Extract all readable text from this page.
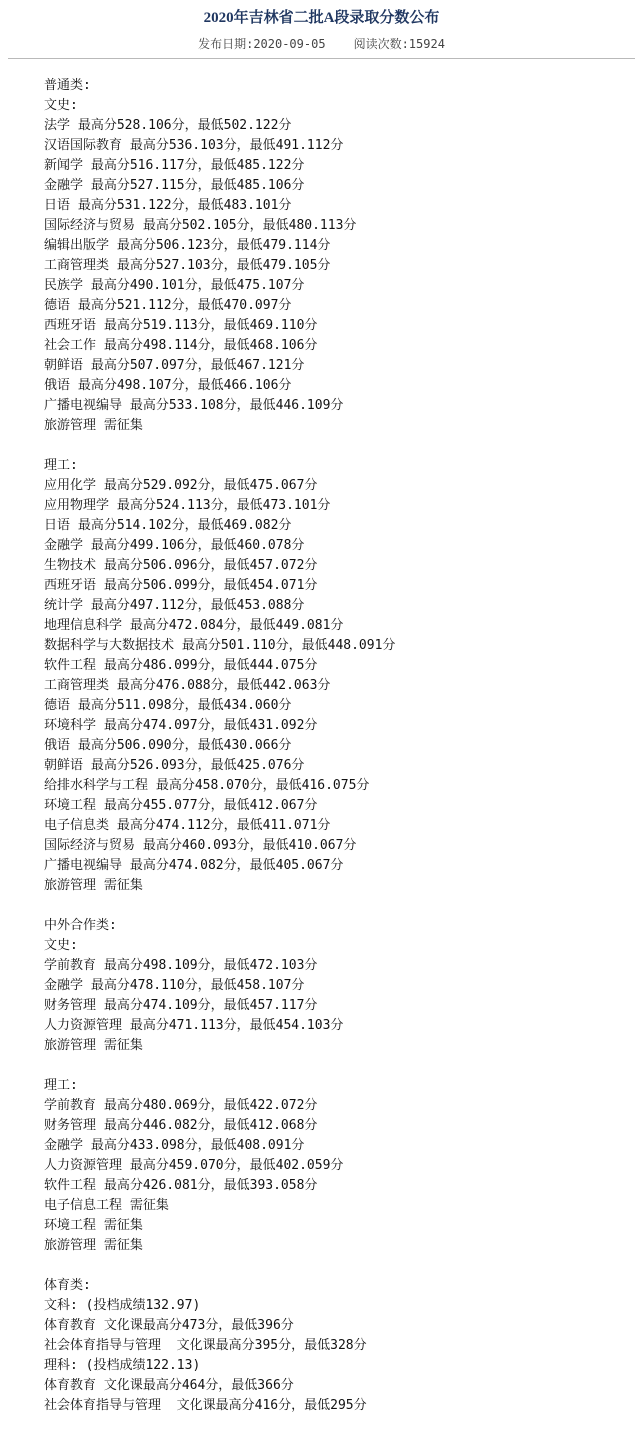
2020年吉林省二批A段录取分数公布
发布日期:2020-09-05 阅读次数:15924
普通类:
文史:
法学 最高分528.106分，最低502.122分
汉语国际教育 最高分536.103分，最低491.112分
新闻学 最高分516.117分，最低485.122分
金融学 最高分527.115分，最低485.106分
日语 最高分531.122分，最低483.101分
国际经济与贸易 最高分502.105分，最低480.113分
编辑出版学 最高分506.123分，最低479.114分
工商管理类 最高分527.103分，最低479.105分
民族学 最高分490.101分，最低475.107分
德语 最高分521.112分，最低470.097分
西班牙语 最高分519.113分，最低469.110分
社会工作 最高分498.114分，最低468.106分
朝鲜语 最高分507.097分，最低467.121分
俄语 最高分498.107分，最低466.106分
广播电视编导 最高分533.108分，最低446.109分
旅游管理 需征集
理工:
应用化学 最高分529.092分，最低475.067分
应用物理学 最高分524.113分，最低473.101分
日语 最高分514.102分，最低469.082分
金融学 最高分499.106分，最低460.078分
生物技术 最高分506.096分，最低457.072分
西班牙语 最高分506.099分，最低454.071分
统计学 最高分497.112分，最低453.088分
地理信息科学 最高分472.084分，最低449.081分
数据科学与大数据技术 最高分501.110分，最低448.091分
软件工程 最高分486.099分，最低444.075分
工商管理类 最高分476.088分，最低442.063分
德语 最高分511.098分，最低434.060分
环境科学 最高分474.097分，最低431.092分
俄语 最高分506.090分，最低430.066分
朝鲜语 最高分526.093分，最低425.076分
给排水科学与工程 最高分458.070分，最低416.075分
环境工程 最高分455.077分，最低412.067分
电子信息类 最高分474.112分，最低411.071分
国际经济与贸易 最高分460.093分，最低410.067分
广播电视编导 最高分474.082分，最低405.067分
旅游管理 需征集
中外合作类:
文史:
学前教育 最高分498.109分，最低472.103分
金融学 最高分478.110分，最低458.107分
财务管理 最高分474.109分，最低457.117分
人力资源管理 最高分471.113分，最低454.103分
旅游管理 需征集
理工:
学前教育 最高分480.069分，最低422.072分
财务管理 最高分446.082分，最低412.068分
金融学 最高分433.098分，最低408.091分
人力资源管理 最高分459.070分，最低402.059分
软件工程 最高分426.081分，最低393.058分
电子信息工程 需征集
环境工程 需征集
旅游管理 需征集
体育类:
文科: (投档成绩132.97)
体育教育 文化课最高分473分，最低396分
社会体育指导与管理  文化课最高分395分，最低328分
理科: (投档成绩122.13)
体育教育 文化课最高分464分，最低366分
社会体育指导与管理  文化课最高分416分，最低295分
